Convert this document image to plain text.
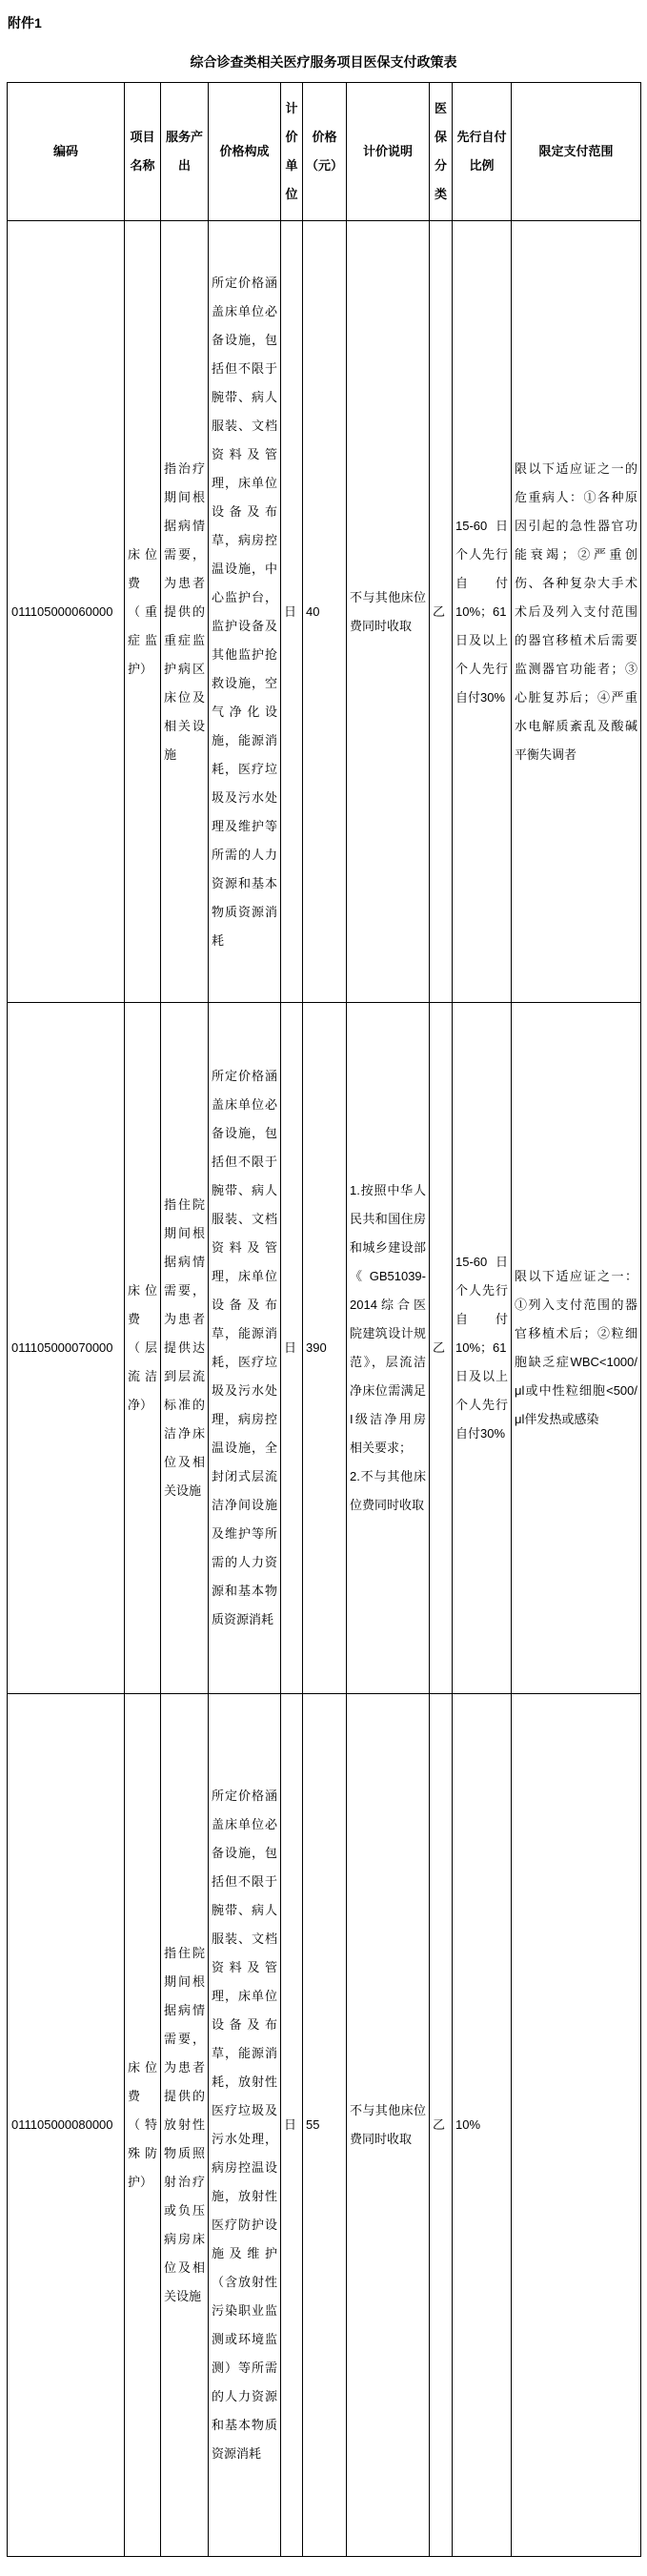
附件1
综合诊查类相关医疗服务项目医保支付政策表
编码	项目名称	服务产出	价格构成	计价单位	价格（元）	计价说明	医保分类	先行自付比例	限定支付范围
011105000060000	床位费（重症监护）	指治疗期间根据病情需要，为患者提供的重症监护病区床位及相关设施	所定价格涵盖床单位必备设施，包括但不限于腕带、病人服装、文档资料及管理，床单位设备及布草，病房控温设施，中心监护台，监护设备及其他监护抢救设施，空气净化设施，能源消耗，医疗垃圾及污水处理及维护等所需的人力资源和基本物质资源消耗	日	40	不与其他床位费同时收取	乙	15-60日个人先行自付10%；61日及以上个人先行自付30%	限以下适应证之一的危重病人：①各种原因引起的急性器官功能衰竭；②严重创伤、各种复杂大手术术后及列入支付范围的器官移植术后需要监测器官功能者；③心脏复苏后；④严重水电解质紊乱及酸碱平衡失调者
011105000070000	床位费（层流洁净）	指住院期间根据病情需要，为患者提供达到层流标准的洁净床位及相关设施	所定价格涵盖床单位必备设施，包括但不限于腕带、病人服装、文档资料及管理，床单位设备及布草，能源消耗，医疗垃圾及污水处理，病房控温设施，全封闭式层流洁净间设施及维护等所需的人力资源和基本物质资源消耗	日	390	1.按照中华人民共和国住房和城乡建设部《GB51039-2014综合医院建筑设计规范》，层流洁净床位需满足I级洁净用房相关要求；
2.不与其他床位费同时收取	乙	15-60日个人先行自付10%；61日及以上个人先行自付30%	限以下适应证之一：①列入支付范围的器官移植术后；②粒细胞缺乏症WBC<1000/μl或中性粒细胞<500/μl伴发热或感染
011105000080000	床位费（特殊防护）	指住院期间根据病情需要，为患者提供的放射性物质照射治疗或负压病房床位及相关设施	所定价格涵盖床单位必备设施，包括但不限于腕带、病人服装、文档资料及管理，床单位设备及布草，能源消耗，放射性医疗垃圾及污水处理，病房控温设施，放射性医疗防护设施及维护（含放射性污染职业监测或环境监测）等所需的人力资源和基本物质资源消耗	日	55	不与其他床位费同时收取	乙	10%	
